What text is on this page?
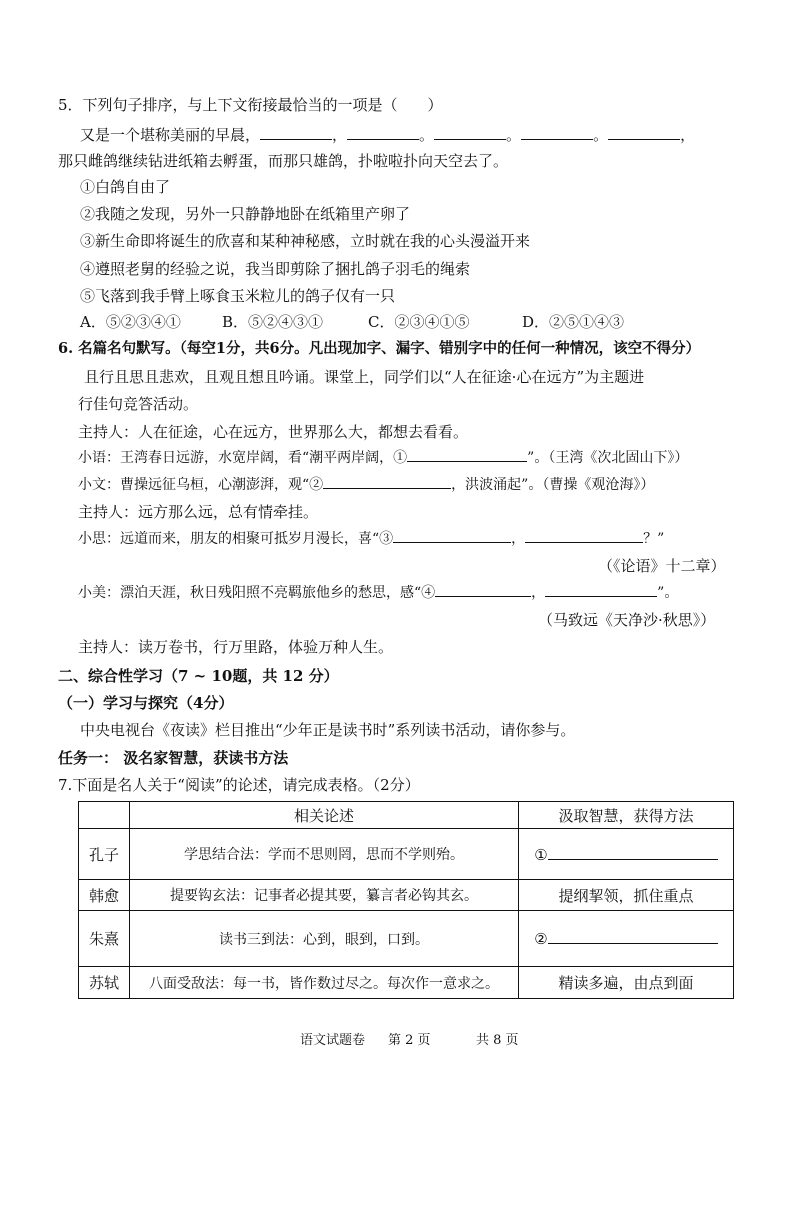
5．下列句子排序，与上下文衔接最恰当的一项是（　　）
又是一个堪称美丽的早晨，	，	。	。	。	，
那只雌鸽继续钻进纸箱去孵蛋，而那只雄鸽，扑啦啦扑向天空去了。
①白鸽自由了
②我随之发现，另外一只静静地卧在纸箱里产卵了
③新生命即将诞生的欣喜和某种神秘感，立时就在我的心头漫溢开来
④遵照老舅的经验之说，我当即剪除了捆扎鸽子羽毛的绳索
⑤飞落到我手臂上啄食玉米粒儿的鸽子仅有一只
A．⑤②③④①	B．⑤②④③①	C．②③④①⑤	D．②⑤①④③
6. 名篇名句默写。（每空1分，共6分。凡出现加字、漏字、错别字中的任何一种情况，该空不得分）
且行且思且悲欢，且观且想且吟诵。课堂上，同学们以“人在征途·心在远方”为主题进
行佳句竞答活动。
主持人：人在征途，心在远方，世界那么大，都想去看看。
小语：王湾春日远游，水宽岸阔，看“潮平两岸阔，①	”。（王湾《次北固山下》）
小文：曹操远征乌桓，心潮澎湃，观“②	，洪波涌起”。（曹操《观沧海》）
主持人：远方那么远，总有情牵挂。
小思：远道而来，朋友的相聚可抵岁月漫长，喜“③	，	？”
（《论语》十二章）
小美：漂泊天涯，秋日残阳照不亮羁旅他乡的愁思，感“④	，	”。
（马致远《天净沙·秋思》）
主持人：读万卷书，行万里路，体验万种人生。
二、综合性学习（7 ~ 10题，共 12 分）
（一）学习与探究（4分）
中央电视台《夜读》栏目推出“少年正是读书时”系列读书活动，请你参与。
任务一： 汲名家智慧，获读书方法
7.下面是名人关于“阅读”的论述，请完成表格。（2分）
	相关论述	汲取智慧，获得方法
孔子	学思结合法：学而不思则罔，思而不学则殆。	①
韩愈	提要钩玄法：记事者必提其要，纂言者必钩其玄。	提纲挈领，抓住重点
朱熹	读书三到法：心到，眼到，口到。	②
苏轼	八面受敌法：每一书，皆作数过尽之。每次作一意求之。	精读多遍，由点到面
语文试题卷 第 2 页	共 8 页
